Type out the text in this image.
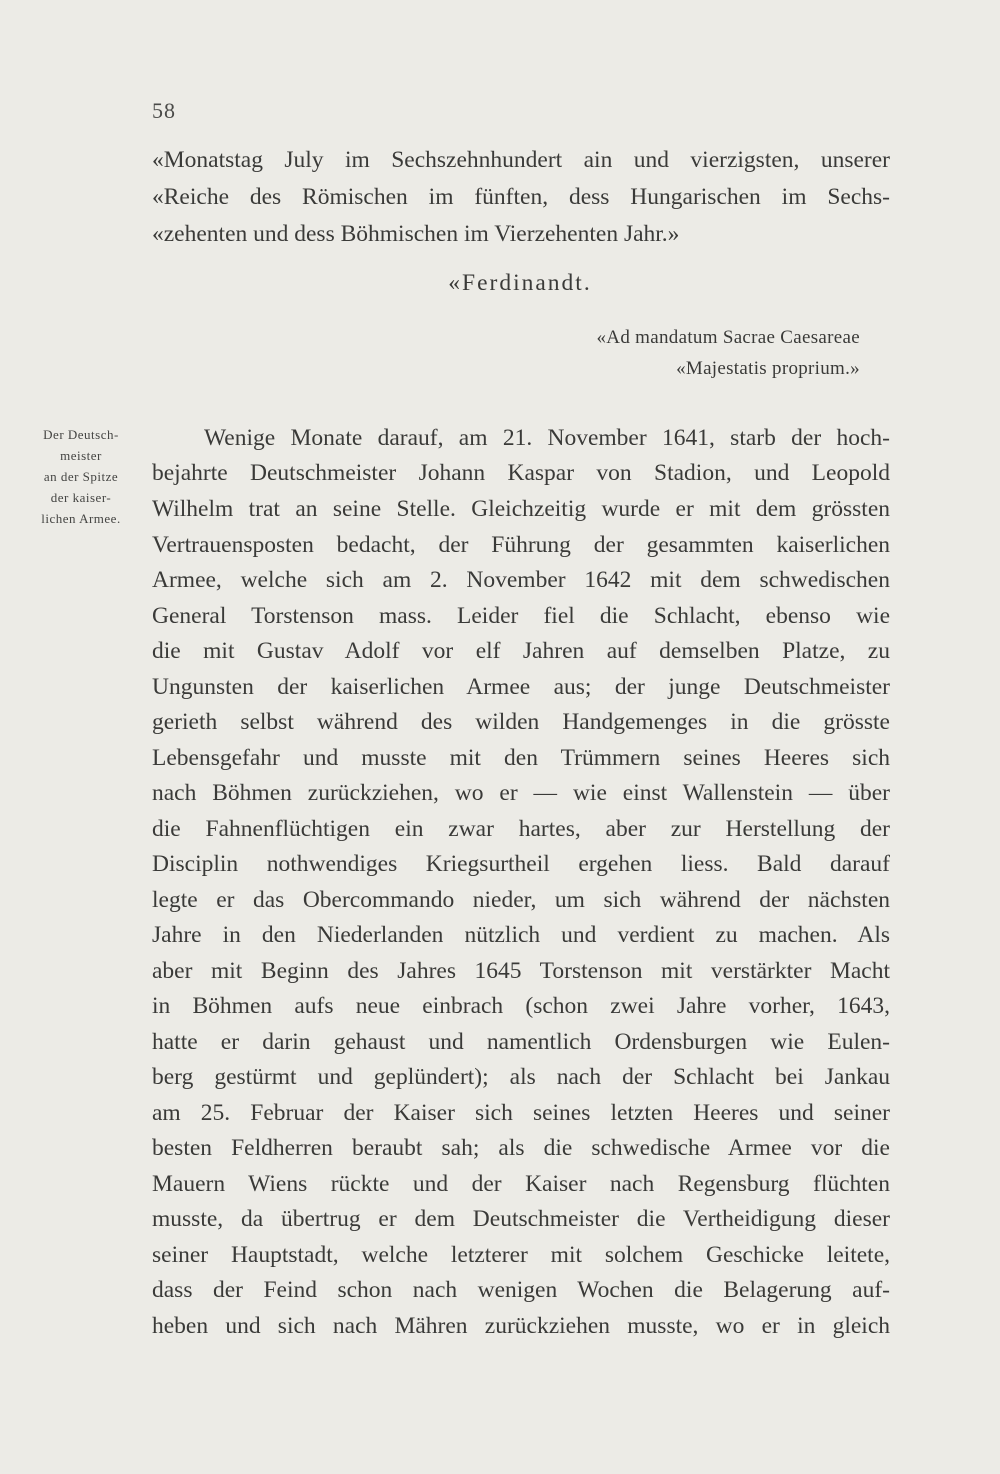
58
«Monatstag July im Sechszehnhundert ain und vierzigsten, unserer
«Reiche des Römischen im fünften, dess Hungarischen im Sechs-
«zehenten und dess Böhmischen im Vierzehenten Jahr.»
«Ferdinandt.
«Ad mandatum Sacrae Caesareae
«Majestatis proprium.»
Der Deutsch-
meister
an der Spitze
der kaiser-
lichen Armee.
Wenige Monate darauf, am 21. November 1641, starb der hoch-
bejahrte Deutschmeister Johann Kaspar von Stadion, und Leopold
Wilhelm trat an seine Stelle. Gleichzeitig wurde er mit dem grössten
Vertrauensposten bedacht, der Führung der gesammten kaiserlichen
Armee, welche sich am 2. November 1642 mit dem schwedischen
General Torstenson mass. Leider fiel die Schlacht, ebenso wie
die mit Gustav Adolf vor elf Jahren auf demselben Platze, zu
Ungunsten der kaiserlichen Armee aus; der junge Deutschmeister
gerieth selbst während des wilden Handgemenges in die grösste
Lebensgefahr und musste mit den Trümmern seines Heeres sich
nach Böhmen zurückziehen, wo er — wie einst Wallenstein — über
die Fahnenflüchtigen ein zwar hartes, aber zur Herstellung der
Disciplin nothwendiges Kriegsurtheil ergehen liess. Bald darauf
legte er das Obercommando nieder, um sich während der nächsten
Jahre in den Niederlanden nützlich und verdient zu machen. Als
aber mit Beginn des Jahres 1645 Torstenson mit verstärkter Macht
in Böhmen aufs neue einbrach (schon zwei Jahre vorher, 1643,
hatte er darin gehaust und namentlich Ordensburgen wie Eulen-
berg gestürmt und geplündert); als nach der Schlacht bei Jankau
am 25. Februar der Kaiser sich seines letzten Heeres und seiner
besten Feldherren beraubt sah; als die schwedische Armee vor die
Mauern Wiens rückte und der Kaiser nach Regensburg flüchten
musste, da übertrug er dem Deutschmeister die Vertheidigung dieser
seiner Hauptstadt, welche letzterer mit solchem Geschicke leitete,
dass der Feind schon nach wenigen Wochen die Belagerung auf-
heben und sich nach Mähren zurückziehen musste, wo er in gleich
